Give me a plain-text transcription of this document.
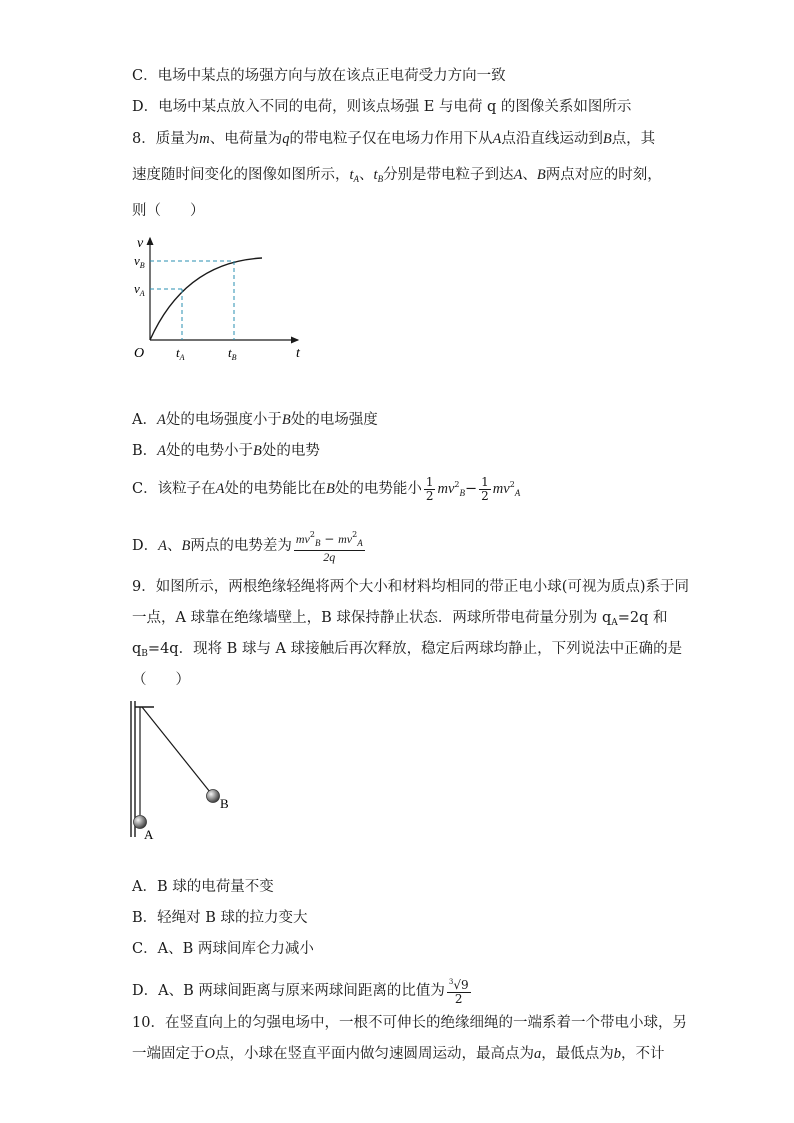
C．电场中某点的场强方向与放在该点正电荷受力方向一致
D．电场中某点放入不同的电荷，则该点场强 E 与电荷 q 的图像关系如图所示
8．质量为m、电荷量为q的带电粒子仅在电场力作用下从A点沿直线运动到B点，其
速度随时间变化的图像如图所示，$t_A$、$t_B$分别是带电粒子到达A、B两点对应的时刻，
则（　　）
v
$v_B$
$v_A$
O $t_A$	$t_B$	t
A．A处的电场强度小于B处的电场强度
B．A处的电势小于B处的电势
C．该粒子在A处的电势能比在B处的电势能小 $\frac{1}{2} mv^2_B- \frac{1}{2} mv^2_A$
D．A、B两点的电势差为 $\frac{mv^2_B - mv^2_A}{2q}$
9．如图所示，两根绝缘轻绳将两个大小和材料均相同的带正电小球(可视为质点)系于同
一点，A 球靠在绝缘墙壁上，B 球保持静止状态．两球所带电荷量分别为 $q_A=2q$ 和
$q_B=4q$．现将 B 球与 A 球接触后再次释放，稳定后两球均静止，下列说法中正确的是
（　　）
A
B
A．B 球的电荷量不变
B．轻绳对 B 球的拉力变大
C．A、B 两球间库仑力减小
D．A、B 两球间距离与原来两球间距离的比值为 $\frac{^3√9}{2}$
10．在竖直向上的匀强电场中，一根不可伸长的绝缘细绳的一端系着一个带电小球，另
一端固定于O点，小球在竖直平面内做匀速圆周运动，最高点为a，最低点为b，不计
